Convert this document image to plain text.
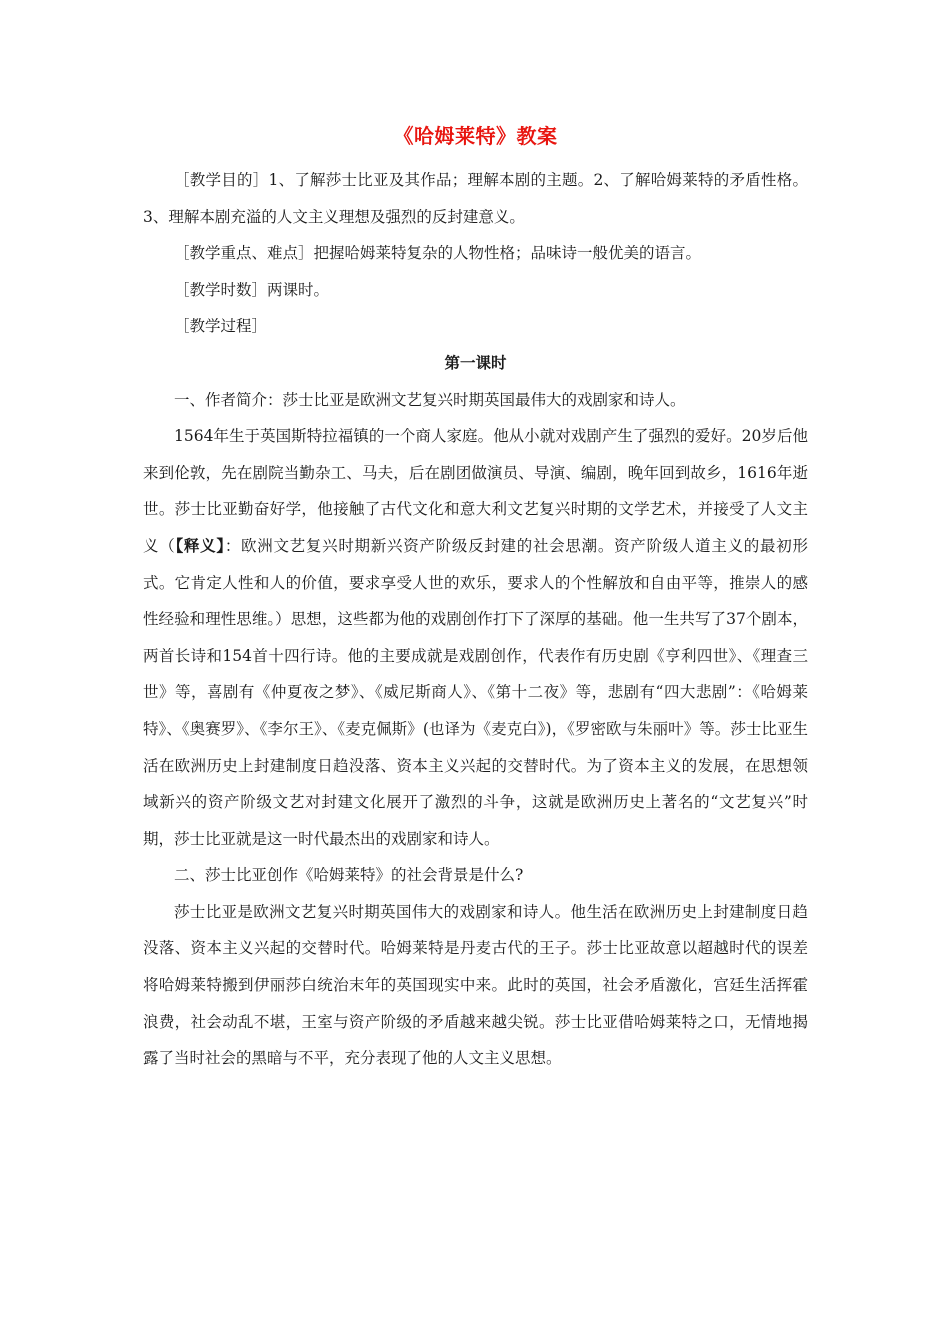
《哈姆莱特》教案

［教学目的］1、了解莎士比亚及其作品；理解本剧的主题。2、了解哈姆莱特的矛盾性格。3、理解本剧充溢的人文主义理想及强烈的反封建意义。

［教学重点、难点］把握哈姆莱特复杂的人物性格；品味诗一般优美的语言。

［教学时数］两课时。

［教学过程］

第一课时

一、作者简介：莎士比亚是欧洲文艺复兴时期英国最伟大的戏剧家和诗人。

1564年生于英国斯特拉福镇的一个商人家庭。他从小就对戏剧产生了强烈的爱好。20岁后他来到伦敦，先在剧院当勤杂工、马夫，后在剧团做演员、导演、编剧，晚年回到故乡，1616年逝世。莎士比亚勤奋好学，他接触了古代文化和意大利文艺复兴时期的文学艺术，并接受了人文主义（【释义】：欧洲文艺复兴时期新兴资产阶级反封建的社会思潮。资产阶级人道主义的最初形式。它肯定人性和人的价值，要求享受人世的欢乐，要求人的个性解放和自由平等，推崇人的感性经验和理性思维。）思想，这些都为他的戏剧创作打下了深厚的基础。他一生共写了37个剧本，两首长诗和154首十四行诗。他的主要成就是戏剧创作，代表作有历史剧《亨利四世》、《理查三世》等，喜剧有《仲夏夜之梦》、《威尼斯商人》、《第十二夜》等，悲剧有“四大悲剧”：《哈姆莱特》、《奥赛罗》、《李尔王》、《麦克佩斯》(也译为《麦克白》)，《罗密欧与朱丽叶》等。莎士比亚生活在欧洲历史上封建制度日趋没落、资本主义兴起的交替时代。为了资本主义的发展，在思想领域新兴的资产阶级文艺对封建文化展开了激烈的斗争，这就是欧洲历史上著名的“文艺复兴”时期，莎士比亚就是这一时代最杰出的戏剧家和诗人。

二、莎士比亚创作《哈姆莱特》的社会背景是什么?

莎士比亚是欧洲文艺复兴时期英国伟大的戏剧家和诗人。他生活在欧洲历史上封建制度日趋没落、资本主义兴起的交替时代。哈姆莱特是丹麦古代的王子。莎士比亚故意以超越时代的误差将哈姆莱特搬到伊丽莎白统治末年的英国现实中来。此时的英国，社会矛盾激化，宫廷生活挥霍浪费，社会动乱不堪，王室与资产阶级的矛盾越来越尖锐。莎士比亚借哈姆莱特之口，无情地揭露了当时社会的黑暗与不平，充分表现了他的人文主义思想。
